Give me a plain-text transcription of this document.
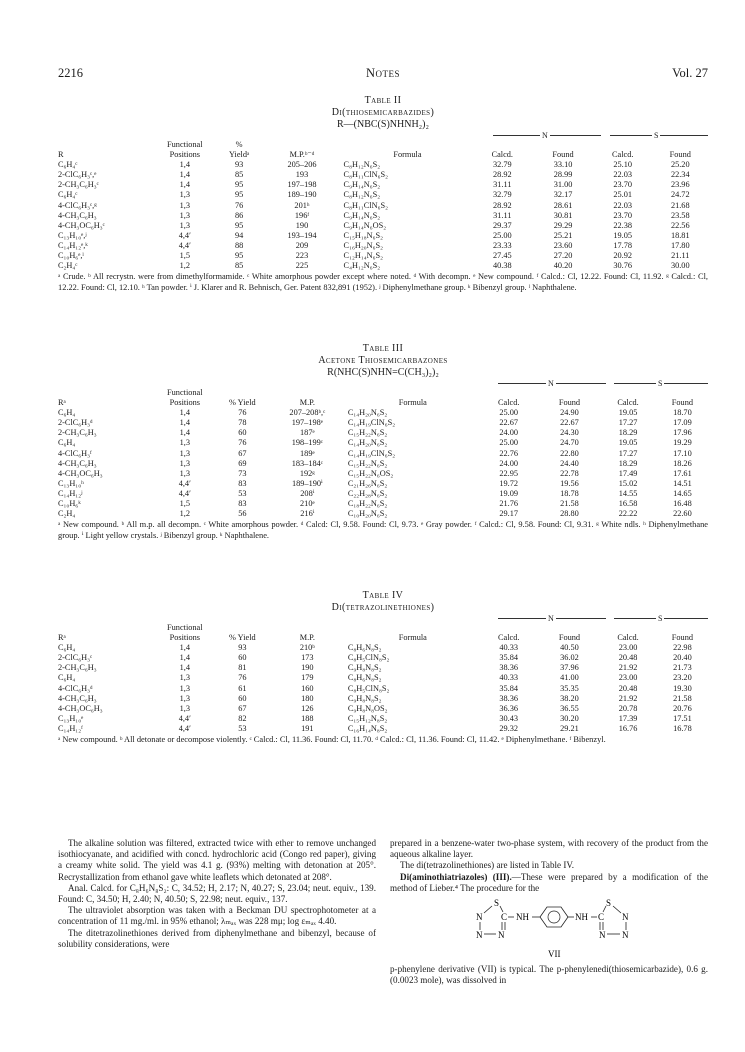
2216	Notes	Vol. 27
Table II
Di(thiosemicarbazides)
R—(NBC(S)NHNH₂)₂
N	S
	Functional	%						
R	Positions	Yieldᵃ	M.P.ᵇ⁻ᵈ	Formula	Calcd.	Found	Calcd.	Found
C₆H₄ᶜ	1,4	93	205–206	C₈H₁₂N₆S₂	32.79	33.10	25.10	25.20
2-ClC₆H₃ᶜ,ᵉ	1,4	85	193	C₈H₁₁ClN₆S₂	28.92	28.99	22.03	22.34
2-CH₃C₆H₃ᶜ	1,4	95	197–198	C₉H₁₄N₆S₂	31.11	31.00	23.70	23.96
C₆H₄ᶜ	1,3	95	189–190	C₈H₁₂N₆S₂	32.79	32.17	25.01	24.72
4-ClC₆H₃ᶜ,ᵍ	1,3	76	201ʰ	C₈H₁₁ClN₆S₂	28.92	28.61	22.03	21.68
4-CH₃C₆H₃	1,3	86	196ᶠ	C₉H₁₄N₆S₂	31.11	30.81	23.70	23.58
4-CH₃OC₆H₃ᶜ	1,3	95	190	C₉H₁₄N₆OS₂	29.37	29.29	22.38	22.56
C₁₃H₁₀ᵉ,ʲ	4,4′	94	193–194	C₁₅H₁₈N₆S₂	25.00	25.21	19.05	18.81
C₁₄H₁₂ᵉ,ᵏ	4,4′	88	209	C₁₆H₂₀N₆S₂	23.33	23.60	17.78	17.80
C₁₀H₆ᵉ,ˡ	1,5	95	223	C₁₂H₁₄N₆S₂	27.45	27.20	20.92	21.11
C₂H₄ᶜ	1,2	85	225	C₄H₁₂N₆S₂	40.38	40.20	30.76	30.00
ᵃ Crude. ᵇ All recrystn. were from dimethylformamide. ᶜ White amorphous powder except where noted. ᵈ With decompn. ᵉ New compound. ᶠ Calcd.: Cl, 12.22. Found: Cl, 11.92. ᵍ Calcd.: Cl, 12.22. Found: Cl, 12.10. ʰ Tan powder. ⁱ J. Klarer and R. Behnisch, Ger. Patent 832,891 (1952). ʲ Diphenylmethane group. ᵏ Bibenzyl group. ˡ Naphthalene.
Table III
Acetone Thiosemicarbazones
R(NHC(S)NHN=C(CH₃)₂)₂
N	S
	Functional							
Rᵃ	Positions	% Yield	M.P.	Formula	Calcd.	Found	Calcd.	Found
C₆H₄	1,4	76	207–208ᵇ,ᶜ	C₁₄H₂₀N₆S₂	25.00	24.90	19.05	18.70
2-ClC₆H₃ᵈ	1,4	78	197–198ᵉ	C₁₄H₁₉ClN₆S₂	22.67	22.67	17.27	17.09
2-CH₃C₆H₃	1,4	60	187ᵉ	C₁₅H₂₂N₆S₂	24.00	24.30	18.29	17.96
C₆H₄	1,3	76	198–199ᶜ	C₁₄H₂₀N₆S₂	25.00	24.70	19.05	19.29
4-ClC₆H₃ᶠ	1,3	67	189ᵉ	C₁₄H₁₉ClN₆S₂	22.76	22.80	17.27	17.10
4-CH₃C₆H₃	1,3	69	183–184ᶜ	C₁₅H₂₂N₆S₂	24.00	24.40	18.29	18.26
4-CH₃OC₆H₃	1,3	73	192ᵍ	C₁₅H₂₂N₆OS₂	22.95	22.78	17.49	17.61
C₁₃H₁₀ʰ	4,4′	83	189–190ⁱ	C₂₁H₂₆N₆S₂	19.72	19.56	15.02	14.51
C₁₄H₁₂ʲ	4,4′	53	208ⁱ	C₂₂H₂₈N₆S₂	19.09	18.78	14.55	14.65
C₁₀H₆ᵏ	1,5	83	210ᵉ	C₁₈H₂₂N₆S₂	21.76	21.58	16.58	16.48
C₂H₄	1,2	56	216ⁱ	C₁₀H₂₀N₆S₂	29.17	28.80	22.22	22.60
ᵃ New compound. ᵇ All m.p. all decompn. ᶜ White amorphous powder. ᵈ Calcd: Cl, 9.58. Found: Cl, 9.73. ᵉ Gray powder. ᶠ Calcd.: Cl, 9.58. Found: Cl, 9.31. ᵍ White ndls. ʰ Diphenylmethane group. ⁱ Light yellow crystals. ʲ Bibenzyl group. ᵏ Naphthalene.
Table IV
Di(tetrazolinethiones)
N	S
	Functional							
Rᵃ	Positions	% Yield	M.P.	Formula	Calcd.	Found	Calcd.	Found
C₆H₄	1,4	93	210ᵇ	C₈H₆N₈S₂	40.33	40.50	23.00	22.98
2-ClC₆H₃ᶜ	1,4	60	173	C₈H₅ClN₈S₂	35.84	36.02	20.48	20.40
2-CH₃C₆H₃	1,4	81	190	C₉H₈N₈S₂	38.36	37.96	21.92	21.73
C₆H₄	1,3	76	179	C₈H₆N₈S₂	40.33	41.00	23.00	23.20
4-ClC₆H₃ᵈ	1,3	61	160	C₈H₅ClN₈S₂	35.84	35.35	20.48	19.30
4-CH₃C₆H₃	1,3	60	180	C₉H₈N₈S₂	38.36	38.20	21.92	21.58
4-CH₃OC₆H₃	1,3	67	126	C₉H₈N₈OS₂	36.36	36.55	20.78	20.76
C₁₃H₁₀ᵉ	4,4′	82	188	C₁₅H₁₂N₈S₂	30.43	30.20	17.39	17.51
C₁₄H₁₂ᶠ	4,4′	53	191	C₁₆H₁₄N₈S₂	29.32	29.21	16.76	16.78
ᵃ New compound. ᵇ All detonate or decompose violently. ᶜ Calcd.: Cl, 11.36. Found: Cl, 11.70. ᵈ Calcd.: Cl, 11.36. Found: Cl, 11.42. ᵉ Diphenylmethane. ᶠ Bibenzyl.

The alkaline solution was filtered, extracted twice with ether to remove unchanged isothiocyanate, and acidified with concd. hydrochloric acid (Congo red paper), giving a creamy white solid. The yield was 4.1 g. (93%) melting with detonation at 205°. Recrystallization from ethanol gave white leaflets which detonated at 208°.

Anal. Calcd. for C₈H₆N₈S₂: C, 34.52; H, 2.17; N, 40.27; S, 23.04; neut. equiv., 139. Found: C, 34.50; H, 2.40; N, 40.50; S, 22.98; neut. equiv., 137.

The ultraviolet absorption was taken with a Beckman DU spectrophotometer at a concentration of 11 mg./ml. in 95% ethanol; λₘₐₓ was 228 mμ; log εₘₐₓ 4.40.

The ditetrazolinethiones derived from diphenylmethane and bibenzyl, because of solubility considerations, were

prepared in a benzene-water two-phase system, with recovery of the product from the aqueous alkaline layer.

The di(tetrazolinethiones) are listed in Table IV.

Di(aminothiatriazoles) (III).—These were prepared by a modification of the method of Lieber.⁴ The procedure for the

S
N
N N
C NH	NH C
S
N
N N
VII

p-phenylene derivative (VII) is typical. The p-phenylenedi(thiosemicarbazide), 0.6 g. (0.0023 mole), was dissolved in
